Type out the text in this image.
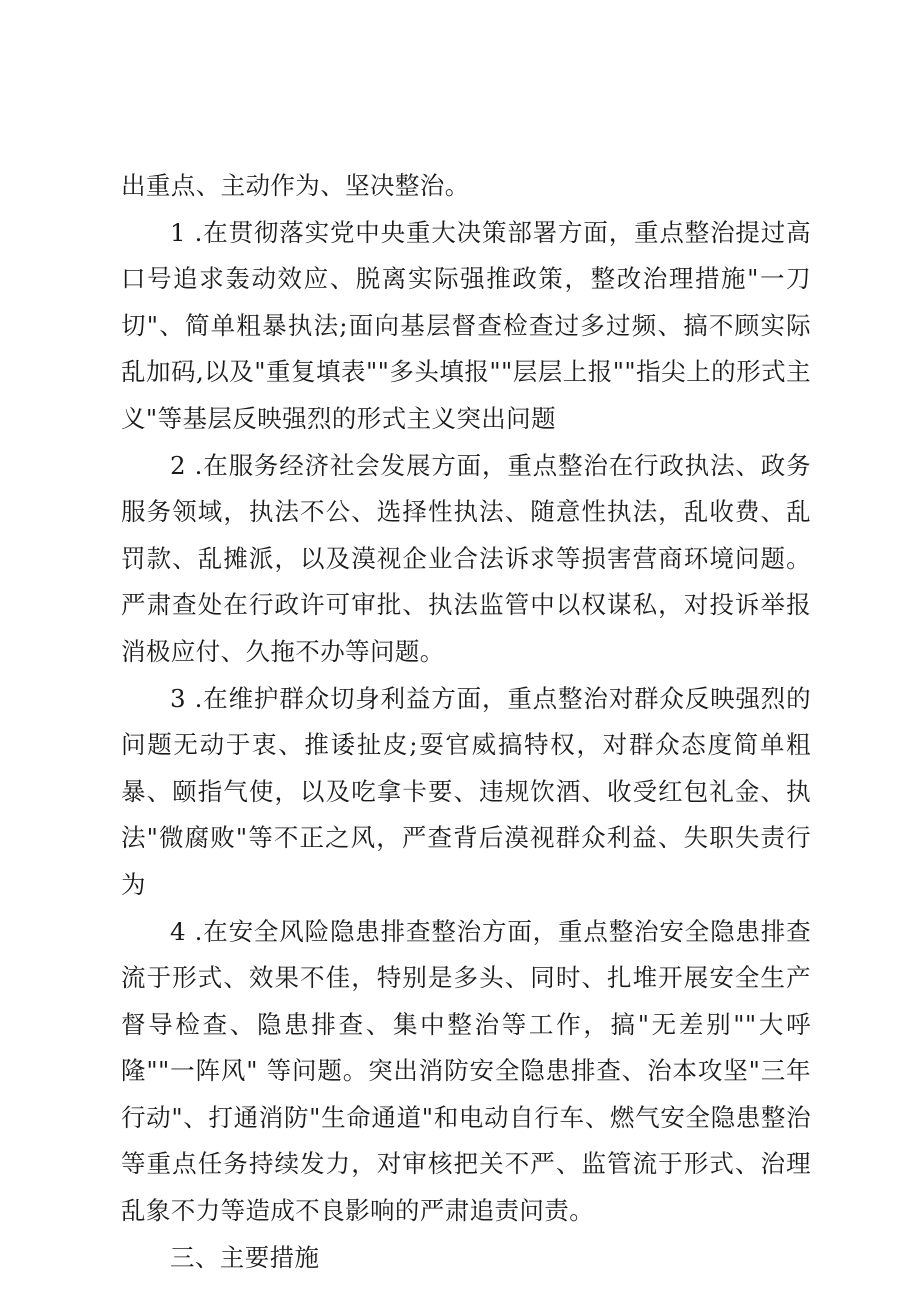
出重点、主动作为、坚决整治。

1 .在贯彻落实党中央重大决策部署方面，重点整治提过高口号追求轰动效应、脱离实际强推政策，整改治理措施"一刀切"、简单粗暴执法;面向基层督查检查过多过频、搞不顾实际乱加码,以及"重复填表""多头填报""层层上报""指尖上的形式主义"等基层反映强烈的形式主义突出问题

2 .在服务经济社会发展方面，重点整治在行政执法、政务服务领域，执法不公、选择性执法、随意性执法，乱收费、乱罚款、乱摊派，以及漠视企业合法诉求等损害营商环境问题。严肃查处在行政许可审批、执法监管中以权谋私，对投诉举报消极应付、久拖不办等问题。

3 .在维护群众切身利益方面，重点整治对群众反映强烈的问题无动于衷、推诿扯皮;耍官威搞特权，对群众态度简单粗暴、颐指气使，以及吃拿卡要、违规饮酒、收受红包礼金、执法"微腐败"等不正之风，严查背后漠视群众利益、失职失责行为

4 .在安全风险隐患排查整治方面，重点整治安全隐患排查流于形式、效果不佳，特别是多头、同时、扎堆开展安全生产督导检查、隐患排查、集中整治等工作，搞"无差别""大呼隆""一阵风" 等问题。突出消防安全隐患排查、治本攻坚"三年行动"、打通消防"生命通道"和电动自行车、燃气安全隐患整治等重点任务持续发力，对审核把关不严、监管流于形式、治理乱象不力等造成不良影响的严肃追责问责。

三、主要措施
